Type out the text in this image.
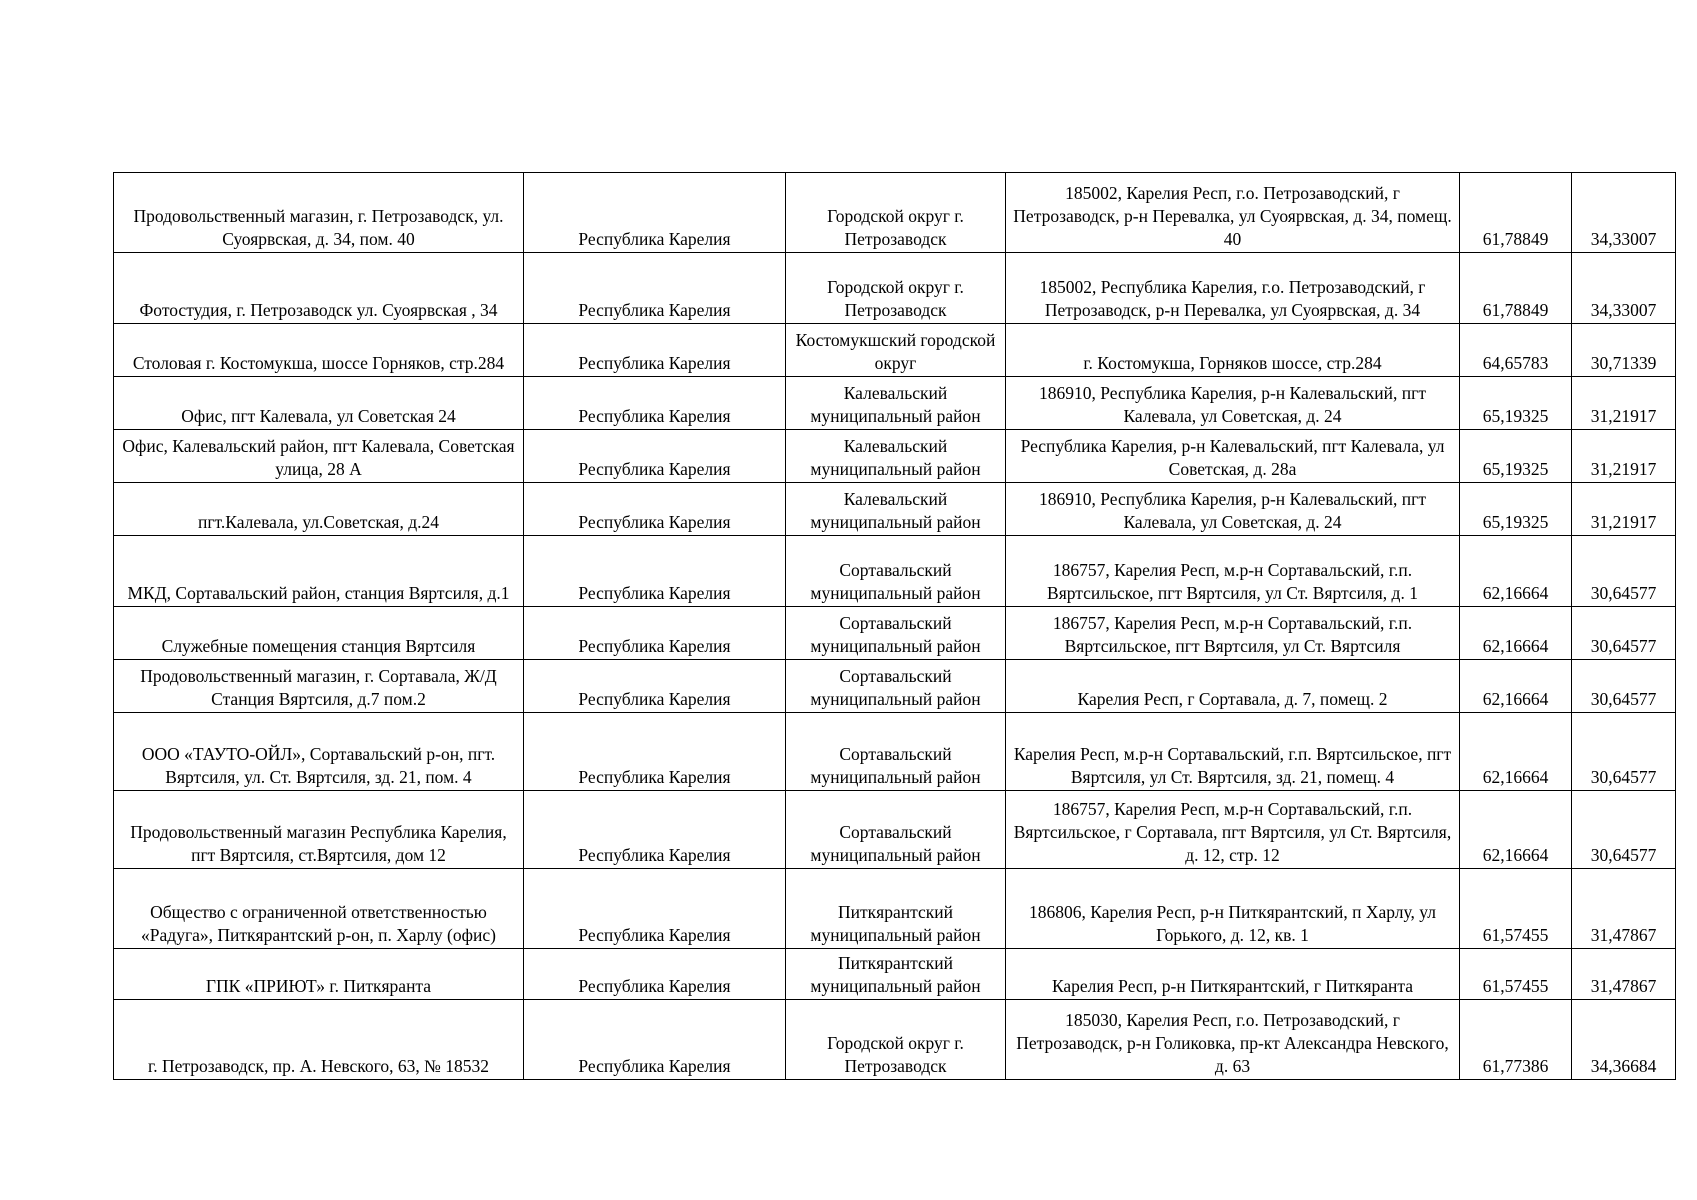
Продовольственный магазин, г. Петрозаводск, ул. Суоярвская, д. 34, пом. 40	Республика Карелия	Городской округ г. Петрозаводск	185002, Карелия Респ, г.о. Петрозаводский, г Петрозаводск, р-н Перевалка, ул Суоярвская, д. 34, помещ. 40	61,78849	34,33007
Фотостудия, г. Петрозаводск ул. Суоярвская , 34	Республика Карелия	Городской округ г. Петрозаводск	185002, Республика Карелия, г.о. Петрозаводский, г Петрозаводск, р-н Перевалка, ул Суоярвская, д. 34	61,78849	34,33007
Столовая г. Костомукша, шоссе Горняков, стр.284	Республика Карелия	Костомукшский городской округ	г. Костомукша, Горняков шоссе, стр.284	64,65783	30,71339
Офис, пгт Калевала, ул Советская 24	Республика Карелия	Калевальский муниципальный район	186910, Республика Карелия, р-н Калевальский, пгт Калевала, ул Советская, д. 24	65,19325	31,21917
Офис, Калевальский район, пгт Калевала, Советская улица, 28 А	Республика Карелия	Калевальский муниципальный район	Республика Карелия, р-н Калевальский, пгт Калевала, ул Советская, д. 28а	65,19325	31,21917
пгт.Калевала, ул.Советская, д.24	Республика Карелия	Калевальский муниципальный район	186910, Республика Карелия, р-н Калевальский, пгт Калевала, ул Советская, д. 24	65,19325	31,21917
МКД, Сортавальский район, станция Вяртсиля, д.1	Республика Карелия	Сортавальский муниципальный район	186757, Карелия Респ, м.р-н Сортавальский, г.п. Вяртсильское, пгт Вяртсиля, ул Ст. Вяртсиля, д. 1	62,16664	30,64577
Служебные помещения станция Вяртсиля	Республика Карелия	Сортавальский муниципальный район	186757, Карелия Респ, м.р-н Сортавальский, г.п. Вяртсильское, пгт Вяртсиля, ул Ст. Вяртсиля	62,16664	30,64577
Продовольственный магазин, г. Сортавала, Ж/Д Станция Вяртсиля, д.7 пом.2	Республика Карелия	Сортавальский муниципальный район	Карелия Респ, г Сортавала, д. 7, помещ. 2	62,16664	30,64577
ООО «ТАУТО-ОЙЛ», Сортавальский р-он, пгт. Вяртсиля, ул. Ст. Вяртсиля, зд. 21, пом. 4	Республика Карелия	Сортавальский муниципальный район	Карелия Респ, м.р-н Сортавальский, г.п. Вяртсильское, пгт Вяртсиля, ул Ст. Вяртсиля, зд. 21, помещ. 4	62,16664	30,64577
Продовольственный магазин Республика Карелия, пгт Вяртсиля, ст.Вяртсиля, дом 12	Республика Карелия	Сортавальский муниципальный район	186757, Карелия Респ, м.р-н Сортавальский, г.п. Вяртсильское, г Сортавала, пгт Вяртсиля, ул Ст. Вяртсиля, д. 12, стр. 12	62,16664	30,64577
Общество с ограниченной ответственностью «Радуга», Питкярантский р-он, п. Харлу (офис)	Республика Карелия	Питкярантский муниципальный район	186806, Карелия Респ, р-н Питкярантский, п Харлу, ул Горького, д. 12, кв. 1	61,57455	31,47867
ГПК «ПРИЮТ» г. Питкяранта	Республика Карелия	Питкярантский муниципальный район	Карелия Респ, р-н Питкярантский, г Питкяранта	61,57455	31,47867
г. Петрозаводск, пр. А. Невского, 63, № 18532	Республика Карелия	Городской округ г. Петрозаводск	185030, Карелия Респ, г.о. Петрозаводский, г Петрозаводск, р-н Голиковка, пр-кт Александра Невского, д. 63	61,77386	34,36684
